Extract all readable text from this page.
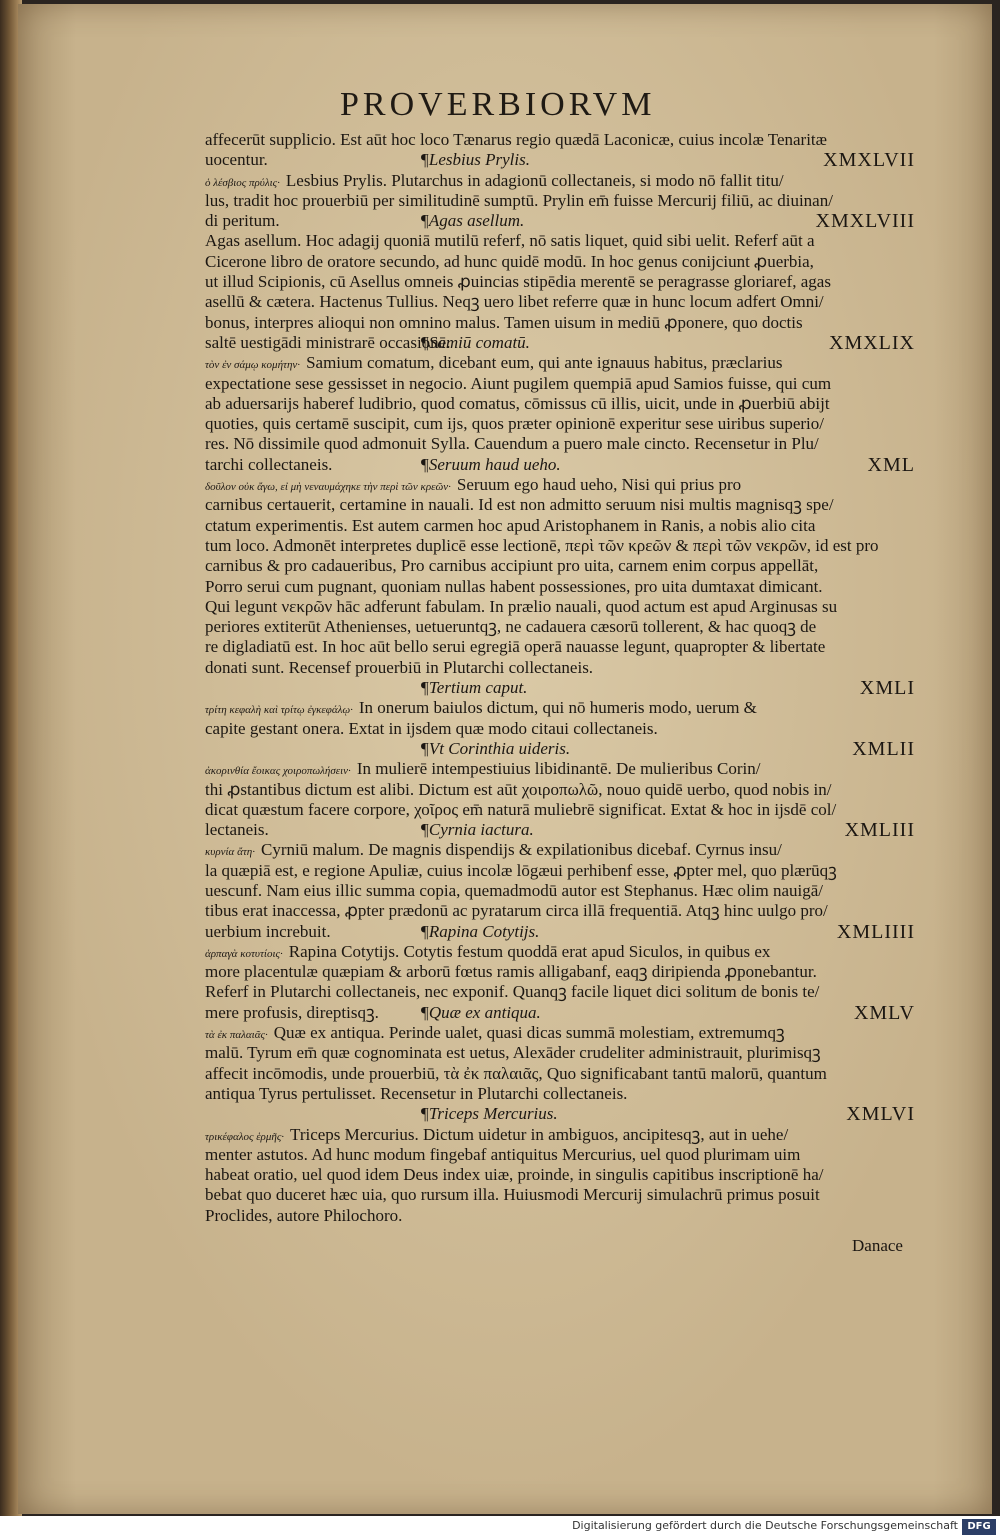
PROVERBIORVM
affecerūt supplicio. Est aūt hoc loco Tænarus regio quædā Laconicæ, cuius incolæ Tenaritæ
uocentur.	¶Lesbius Prylis.	XMXLVII
ὁ λέσβιος πρύλις· Lesbius Prylis. Plutarchus in adagionū collectaneis, si modo nō fallit titu/
lus, tradit hoc prouerbiū per similitudinē sumptū. Prylin em̄ fuisse Mercurij filiū, ac diuinan/
di peritum.	¶Agas asellum.	XMXLVIII
Agas asellum. Hoc adagij quoniā mutilū referf, nō satis liquet, quid sibi uelit. Referf aūt a
Cicerone libro de oratore secundo, ad hunc quidē modū. In hoc genus conijciunt ꝓuerbia,
ut illud Scipionis, cū Asellus omneis ꝓuincias stipēdia merentē se peragrasse gloriaref, agas
asellū & cætera. Hactenus Tullius. Neqꝫ uero libet referre quæ in hunc locum adfert Omni/
bonus, interpres alioqui non omnino malus. Tamen uisum in mediū ꝓponere, quo doctis
saltē uestigādi ministrarē occasionē.
¶Samiū comatū.	XMXLIX
τὸν ἐν σάμῳ κομήτην· Samium comatum, dicebant eum, qui ante ignauus habitus, præclarius
expectatione sese gessisset in negocio. Aiunt pugilem quempiā apud Samios fuisse, qui cum
ab aduersarijs haberef ludibrio, quod comatus, cōmissus cū illis, uicit, unde in ꝓuerbiū abijt
quoties, quis certamē suscipit, cum ijs, quos præter opinionē experitur sese uiribus superio/
res. Nō dissimile quod admonuit Sylla. Cauendum a puero male cincto. Recensetur in Plu/
tarchi collectaneis.	¶Seruum haud ueho.	XML
δοῦλον οὐκ ἄγω, εἰ μὴ νεναυμάχηκε τὴν περὶ τῶν κρεῶν· Seruum ego haud ueho, Nisi qui prius pro
carnibus certauerit, certamine in nauali. Id est non admitto seruum nisi multis magnisqꝫ spe/
ctatum experimentis. Est autem carmen hoc apud Aristophanem in Ranis, a nobis alio cita
tum loco. Admonēt interpretes duplicē esse lectionē, περὶ τῶν κρεῶν & περὶ τῶν νεκρῶν, id est pro
carnibus & pro cadaueribus, Pro carnibus accipiunt pro uita, carnem enim corpus appellāt,
Porro serui cum pugnant, quoniam nullas habent possessiones, pro uita dumtaxat dimicant.
Qui legunt νεκρῶν hāc adferunt fabulam. In prælio nauali, quod actum est apud Arginusas su
periores extiterūt Athenienses, uetueruntqꝫ, ne cadauera cæsorū tollerent, & hac quoqꝫ de
re digladiatū est. In hoc aūt bello serui egregiā operā nauasse legunt, quapropter & libertate
donati sunt. Recensef prouerbiū in Plutarchi collectaneis.
¶Tertium caput.	XMLI
τρίτη κεφαλὴ καὶ τρίτῳ ἐγκεφάλῳ· In onerum baiulos dictum, qui nō humeris modo, uerum &
capite gestant onera. Extat in ijsdem quæ modo citaui collectaneis.
¶Vt Corinthia uideris.	XMLII
ἀκορινθία ἔοικας χοιροπωλήσειν· In mulierē intempestiuius libidinantē. De mulieribus Corin/
thi ꝓstantibus dictum est alibi. Dictum est aūt χοιροπωλῶ, nouo quidē uerbo, quod nobis in/
dicat quæstum facere corpore, χοῖρος em̄ naturā muliebrē significat. Extat & hoc in ijsdē col/
lectaneis.	¶Cyrnia iactura.	XMLIII
κυρνία ἄτη· Cyrniū malum. De magnis dispendijs & expilationibus dicebaf. Cyrnus insu/
la quæpiā est, e regione Apuliæ, cuius incolæ lōgæui perhibenf esse, ꝓpter mel, quo plærūqꝫ
uescunf. Nam eius illic summa copia, quemadmodū autor est Stephanus. Hæc olim nauigā/
tibus erat inaccessa, ꝓpter prædonū ac pyratarum circa illā frequentiā. Atqꝫ hinc uulgo pro/
uerbium increbuit.	¶Rapina Cotytijs.	XMLIIII
ἁρπαγὰ κοτυτίοις· Rapina Cotytijs. Cotytis festum quoddā erat apud Siculos, in quibus ex
more placentulæ quæpiam & arborū fœtus ramis alligabanf, eaqꝫ diripienda ꝓponebantur.
Referf in Plutarchi collectaneis, nec exponif. Quanqꝫ facile liquet dici solitum de bonis te/
mere profusis, direptisqꝫ. ¶Quæ ex antiqua.	XMLV
τὰ ἐκ παλαιᾶς· Quæ ex antiqua. Perinde ualet, quasi dicas summā molestiam, extremumqꝫ
malū. Tyrum em̄ quæ cognominata est uetus, Alexāder crudeliter administrauit, plurimisqꝫ
affecit incōmodis, unde prouerbiū, τὰ ἐκ παλαιᾶς, Quo significabant tantū malorū, quantum
antiqua Tyrus pertulisset. Recensetur in Plutarchi collectaneis.
¶Triceps Mercurius.	XMLVI
τρικέφαλος ἑρμῆς· Triceps Mercurius. Dictum uidetur in ambiguos, ancipitesqꝫ, aut in uehe/
menter astutos. Ad hunc modum fingebaf antiquitus Mercurius, uel quod plurimam uim
habeat oratio, uel quod idem Deus index uiæ, proinde, in singulis capitibus inscriptionē ha/
bebat quo duceret hæc uia, quo rursum illa. Huiusmodi Mercurij simulachrū primus posuit
Proclides, autore Philochoro.
Danace
Digitalisierung gefördert durch die Deutsche Forschungsgemeinschaft DFG
